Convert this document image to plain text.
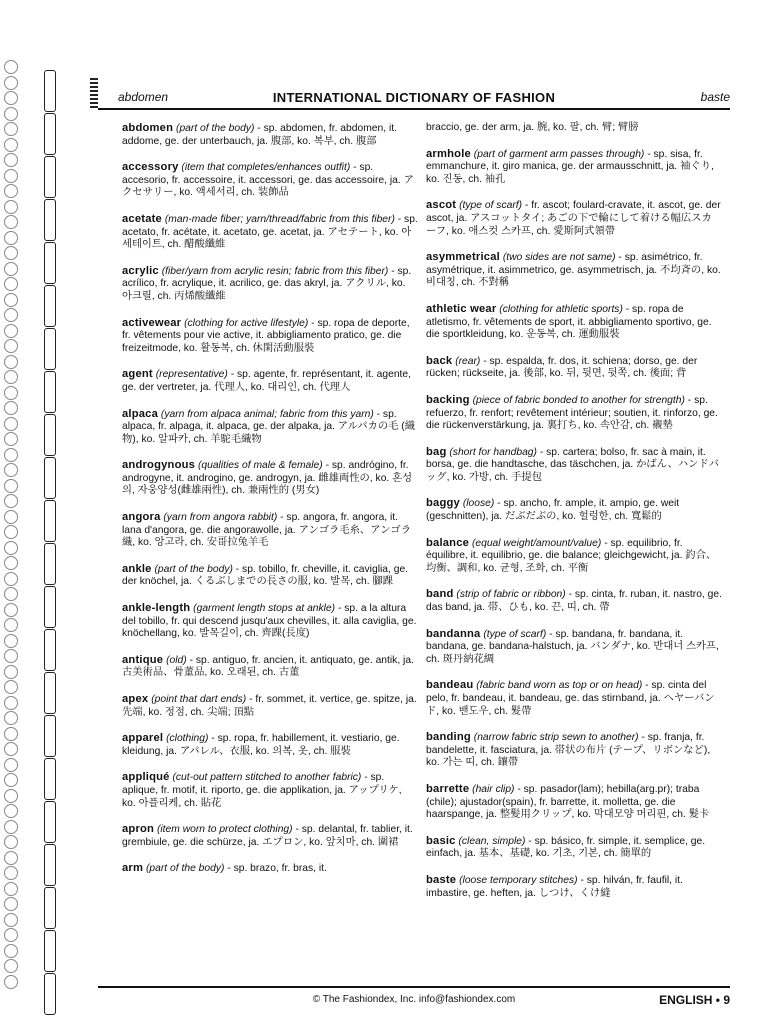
abdomen	INTERNATIONAL DICTIONARY OF FASHION	baste
abdomen (part of the body) - sp. abdomen, fr. abdomen, it. addome, ge. der unterbauch, ja. 腹部, ko. 복부, ch. 腹部
accessory (item that completes/enhances outfit) - sp. accesorio, fr. accessoire, it. accessori, ge. das accessoire, ja. アクセサリー, ko. 액세서리, ch. 装飾品
acetate (man-made fiber; yarn/thread/fabric from this fiber) - sp. acetato, fr. acétate, it. acetato, ge. acetat, ja. アセテート, ko. 아세테이트, ch. 醋酸纖維
acrylic (fiber/yarn from acrylic resin; fabric from this fiber) - sp. acrílico, fr. acrylique, it. acrilico, ge. das akryl, ja. アクリル, ko. 아크릴, ch. 丙烯酸纖維
activewear (clothing for active lifestyle) - sp. ropa de deporte, fr. vêtements pour vie active, it. abbigliamento pratico, ge. die freizeitmode, ko. 활동복, ch. 休閑活動服裝
agent (representative) - sp. agente, fr. représentant, it. agente, ge. der vertreter, ja. 代理人, ko. 대리인, ch. 代理人
alpaca (yarn from alpaca animal; fabric from this yarn) - sp. alpaca, fr. alpaga, it. alpaca, ge. der alpaka, ja. アルパカの毛 (織物), ko. 알파카, ch. 羊駝毛織物
androgynous (qualities of male & female) - sp. andrógino, fr. androgyne, it. androgino, ge. androgyn, ja. 雌雄両性の, ko. 혼성의, 자웅양성(雌雄兩性), ch. 兼兩性的 (男女)
angora (yarn from angora rabbit) - sp. angora, fr. angora, it. lana d'angora, ge. die angorawolle, ja. アンゴラ毛糸、アンゴラ織, ko. 앙고라, ch. 安哥拉兔羊毛
ankle (part of the body) - sp. tobillo, fr. cheville, it. caviglia, ge. der knöchel, ja. くるぶしまでの長さの服, ko. 발목, ch. 腳踝
ankle-length (garment length stops at ankle) - sp. a la altura del tobillo, fr. qui descend jusqu'aux chevilles, it. alla caviglia, ge. knöchellang, ko. 발목길이, ch. 齊踝(長度)
antique (old) - sp. antiguo, fr. ancien, it. antiquato, ge. antik, ja. 古美術品、骨董品, ko. 오래된, ch. 古董
apex (point that dart ends) - fr. sommet, it. vertice, ge. spitze, ja. 先端, ko. 정점, ch. 尖端; 頂點
apparel (clothing) - sp. ropa, fr. habillement, it. vestiario, ge. kleidung, ja. アパレル、衣服, ko. 의복, 옷, ch. 服裝
appliqué (cut-out pattern stitched to another fabric) - sp. aplique, fr. motif, it. riporto, ge. die applikation, ja. アップリケ, ko. 아플리케, ch. 貼花
apron (item worn to protect clothing) - sp. delantal, fr. tablier, it. grembiule, ge. die schürze, ja. エプロン, ko. 앞치마, ch. 圍裙
arm (part of the body) - sp. brazo, fr. bras, it.
braccio, ge. der arm, ja. 腕, ko. 팔, ch. 臂; 臂膀
armhole (part of garment arm passes through) - sp. sisa, fr. emmanchure, it. giro manica, ge. der armausschnitt, ja. 袖ぐり, ko. 진동, ch. 袖孔
ascot (type of scarf) - fr. ascot; foulard-cravate, it. ascot, ge. der ascot, ja. アスコットタイ; あごの下で輪にして着ける幅広スカーフ, ko. 애스컷 스카프, ch. 愛斯阿式領帶
asymmetrical (two sides are not same) - sp. asimétrico, fr. asymétrique, it. asimmetrico, ge. asymmetrisch, ja. 不均斉の, ko. 비대칭, ch. 不對稱
athletic wear (clothing for athletic sports) - sp. ropa de atletismo, fr. vêtements de sport, it. abbigliamento sportivo, ge. die sportkleidung, ko. 운동복, ch. 運動服裝
back (rear) - sp. espalda, fr. dos, it. schiena; dorso, ge. der rücken; rückseite, ja. 後部, ko. 뒤, 뒷면, 뒷쪽, ch. 後面; 背
backing (piece of fabric bonded to another for strength) - sp. refuerzo, fr. renfort; revêtement intérieur; soutien, it. rinforzo, ge. die rückenverstärkung, ja. 裏打ち, ko. 속안감, ch. 襯墊
bag (short for handbag) - sp. cartera; bolso, fr. sac à main, it. borsa, ge. die handtasche, das täschchen, ja. かばん、ハンドバッグ, ko. 가방, ch. 手提包
baggy (loose) - sp. ancho, fr. ample, it. ampio, ge. weit (geschnitten), ja. だぶだぶの, ko. 헐렁한, ch. 寬鬆的
balance (equal weight/amount/value) - sp. equilibrio, fr. équilibre, it. equilibrio, ge. die balance; gleichgewicht, ja. 釣合、均衡、調和, ko. 균형, 조화, ch. 平衡
band (strip of fabric or ribbon) - sp. cinta, fr. ruban, it. nastro, ge. das band, ja. 帯、ひも, ko. 끈, 띠, ch. 帶
bandanna (type of scarf) - sp. bandana, fr. bandana, it. bandana, ge. bandana-halstuch, ja. バンダナ, ko. 반대너 스카프, ch. 斑丹納花綢
bandeau (fabric band worn as top or on head) - sp. cinta del pelo, fr. bandeau, it. bandeau, ge. das stirnband, ja. ヘヤーバンド, ko. 밴도우, ch. 髮帶
banding (narrow fabric strip sewn to another) - sp. franja, fr. bandelette, it. fasciatura, ja. 帯状の布片 (テープ、リボンなど), ko. 가는 띠, ch. 鑲帶
barrette (hair clip) - sp. pasador(lam); hebilla(arg.pr); traba (chile); ajustador(spain), fr. barrette, it. molletta, ge. die haarspange, ja. 整髪用クリップ, ko. 막대모양 머리핀, ch. 髮卡
basic (clean, simple) - sp. básico, fr. simple, it. semplice, ge. einfach, ja. 基本、基礎, ko. 기초, 기본, ch. 簡單的
baste (loose temporary stitches) - sp. hilván, fr. faufil, it. imbastire, ge. heften, ja. しつけ、くけ縫
© The Fashiondex, Inc. info@fashiondex.com	ENGLISH • 9
